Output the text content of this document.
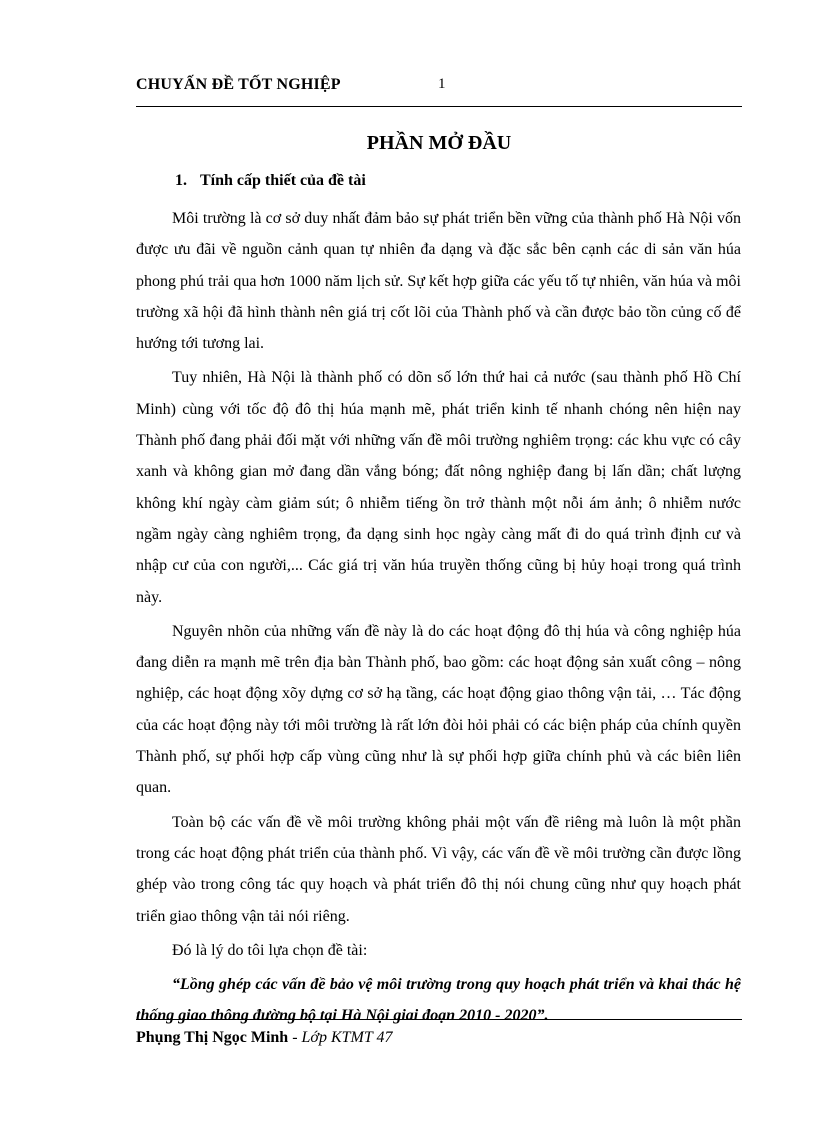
CHUYẤN ĐỀ TỐT NGHIỆP	1
PHẦN MỞ ĐẦU
1. Tính cấp thiết của đề tài

Môi trường là cơ sở duy nhất đảm bảo sự phát triển bền vững của thành phố Hà Nội vốn được ưu đãi về nguồn cảnh quan tự nhiên đa dạng và đặc sắc bên cạnh các di sản văn húa phong phú trải qua hơn 1000 năm lịch sử. Sự kết hợp giữa các yếu tố tự nhiên, văn húa và môi trường xã hội đã hình thành nên giá trị cốt lõi của Thành phố và cần được bảo tồn củng cố để hướng tới tương lai.

Tuy nhiên, Hà Nội là thành phố có dõn số lớn thứ hai cả nước (sau thành phố Hồ Chí Minh) cùng với tốc độ đô thị húa mạnh mẽ, phát triển kinh tế nhanh chóng nên hiện nay Thành phố đang phải đối mặt với những vấn đề môi trường nghiêm trọng: các khu vực có cây xanh và không gian mở đang dần vắng bóng; đất nông nghiệp đang bị lấn dần; chất lượng không khí ngày càm giảm sút; ô nhiễm tiếng ồn trở thành một nỗi ám ảnh; ô nhiễm nước ngầm ngày càng nghiêm trọng, đa dạng sinh học ngày càng mất đi do quá trình định cư và nhập cư của con người,... Các giá trị văn húa truyền thống cũng bị hủy hoại trong quá trình này.

Nguyên nhõn của những vấn đề này là do các hoạt động đô thị húa và công nghiệp húa đang diễn ra mạnh mẽ trên địa bàn Thành phố, bao gồm: các hoạt động sản xuất công – nông nghiệp, các hoạt động xõy dựng cơ sở hạ tầng, các hoạt động giao thông vận tải, … Tác động của các hoạt động này tới môi trường là rất lớn đòi hỏi phải có các biện pháp của chính quyền Thành phố, sự phối hợp cấp vùng cũng như là sự phối hợp giữa chính phủ và các biên liên quan.

Toàn bộ các vấn đề về môi trường không phải một vấn đề riêng mà luôn là một phần trong các hoạt động phát triển của thành phố. Vì vậy, các vấn đề về môi trường cần được lồng ghép vào trong công tác quy hoạch và phát triển đô thị nói chung cũng như quy hoạch phát triển giao thông vận tải nói riêng.

Đó là lý do tôi lựa chọn đề tài:

“Lồng ghép các vấn đề bảo vệ môi trường trong quy hoạch phát triển và khai thác hệ thống giao thông đường bộ tại Hà Nội giai đoạn 2010 - 2020”.

Phụng Thị Ngọc Minh - Lớp KTMT 47
